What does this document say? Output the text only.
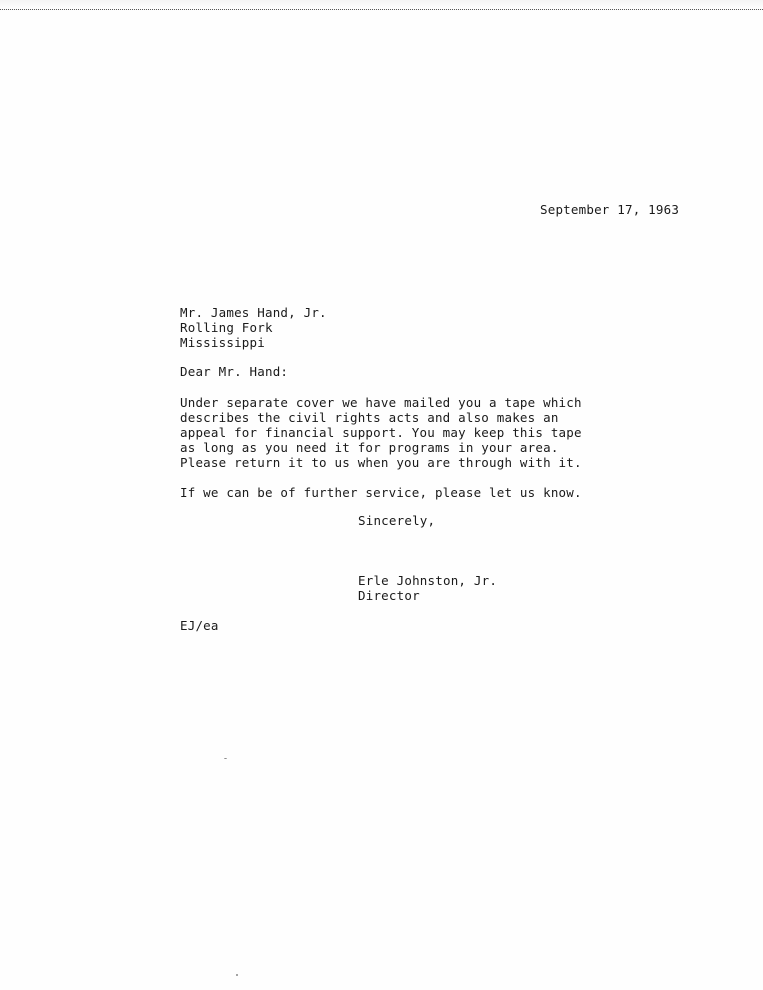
September 17, 1963
Mr. James Hand, Jr.
Rolling Fork
Mississippi
Dear Mr. Hand:
Under separate cover we have mailed you a tape which
describes the civil rights acts and also makes an
appeal for financial support. You may keep this tape
as long as you need it for programs in your area.
Please return it to us when you are through with it.
If we can be of further service, please let us know.
Sincerely,
Erle Johnston, Jr.
Director
EJ/ea
